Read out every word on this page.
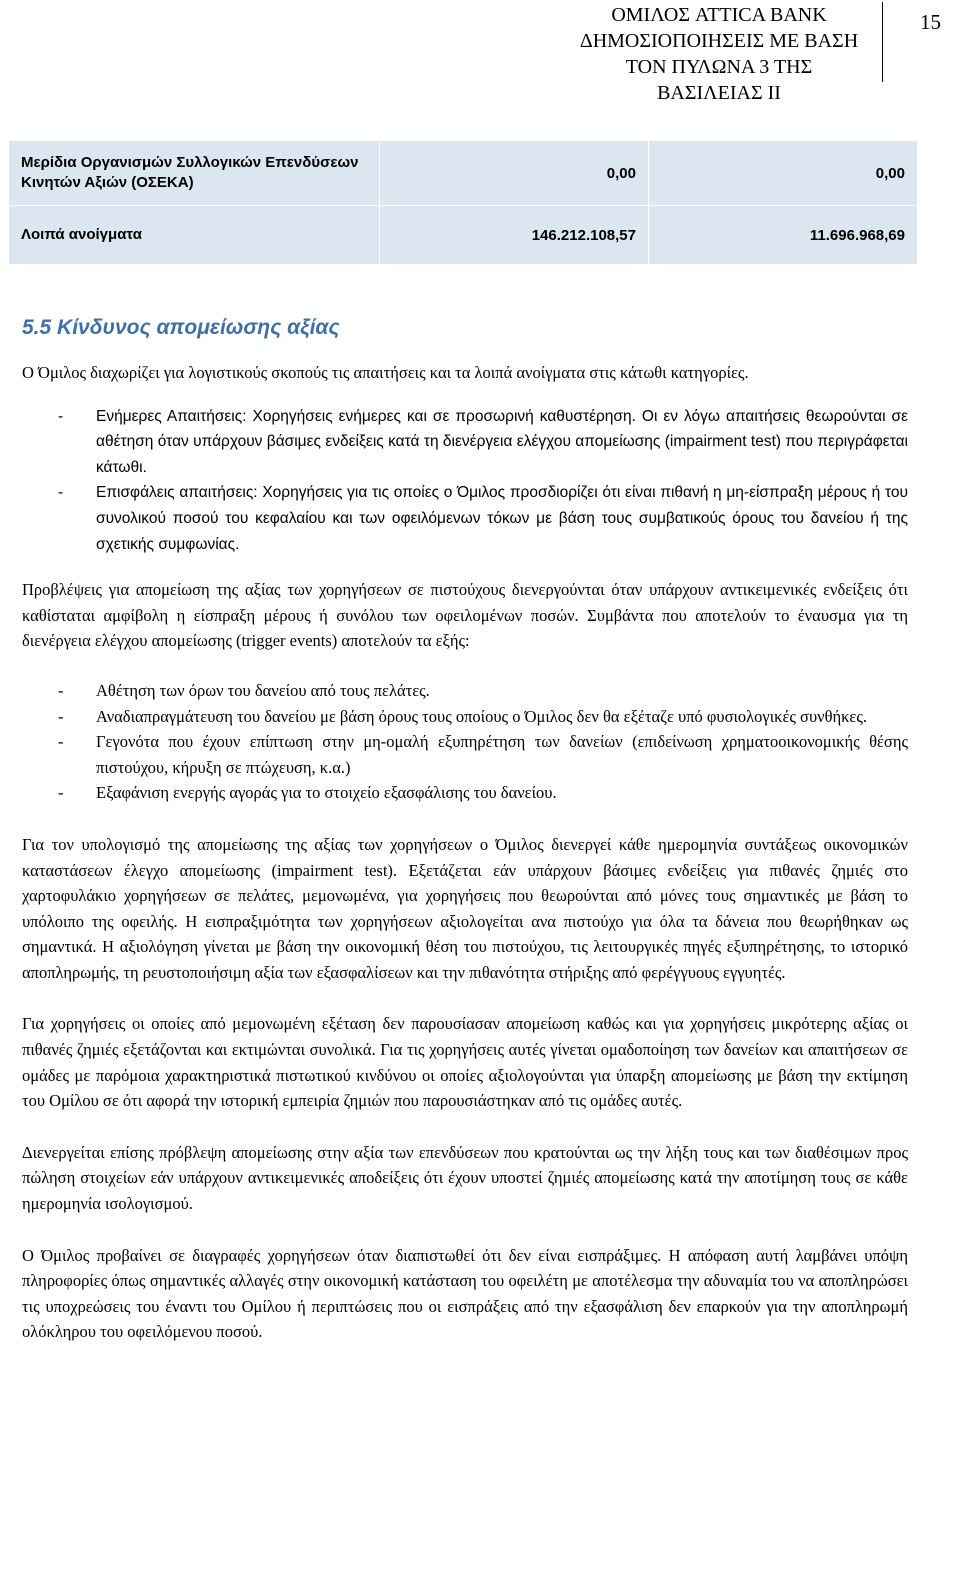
ΟΜΙΛΟΣ ATTICA BANK
ΔΗΜΟΣΙΟΠΟΙΗΣΕΙΣ ΜΕ ΒΑΣΗ ΤΟΝ ΠΥΛΩΝΑ 3 ΤΗΣ
ΒΑΣΙΛΕΙΑΣ ΙΙ
15
Μερίδια Οργανισμών Συλλογικών Επενδύσεων Κινητών Αξιών (ΟΣΕΚΑ)	0,00	0,00
Λοιπά ανοίγματα	146.212.108,57	11.696.968,69
5.5 Κίνδυνος απομείωσης αξίας

Ο Όμιλος διαχωρίζει για λογιστικούς σκοπούς τις απαιτήσεις και τα λοιπά ανοίγματα στις κάτωθι κατηγορίες.

- Ενήμερες Απαιτήσεις: Χορηγήσεις ενήμερες και σε προσωρινή καθυστέρηση. Οι εν λόγω απαιτήσεις θεωρούνται σε αθέτηση όταν υπάρχουν βάσιμες ενδείξεις κατά τη διενέργεια ελέγχου απομείωσης (impairment test) που περιγράφεται κάτωθι.
- Επισφάλεις απαιτήσεις: Χορηγήσεις για τις οποίες ο Όμιλος προσδιορίζει ότι είναι πιθανή η μη-είσπραξη μέρους ή του συνολικού ποσού του κεφαλαίου και των οφειλόμενων τόκων με βάση τους συμβατικούς όρους του δανείου ή της σχετικής συμφωνίας.

Προβλέψεις για απομείωση της αξίας των χορηγήσεων σε πιστούχους διενεργούνται όταν υπάρχουν αντικειμενικές ενδείξεις ότι καθίσταται αμφίβολη η είσπραξη μέρους ή συνόλου των οφειλομένων ποσών. Συμβάντα που αποτελούν το έναυσμα για τη διενέργεια ελέγχου απομείωσης (trigger events) αποτελούν τα εξής:

- Αθέτηση των όρων του δανείου από τους πελάτες.
- Αναδιαπραγμάτευση του δανείου με βάση όρους τους οποίους ο Όμιλος δεν θα εξέταζε υπό φυσιολογικές συνθήκες.
- Γεγονότα που έχουν επίπτωση στην μη-ομαλή εξυπηρέτηση των δανείων (επιδείνωση χρηματοοικονομικής θέσης πιστούχου, κήρυξη σε πτώχευση, κ.α.)
- Εξαφάνιση ενεργής αγοράς για το στοιχείο εξασφάλισης του δανείου.

Για τον υπολογισμό της απομείωσης της αξίας των χορηγήσεων ο Όμιλος διενεργεί κάθε ημερομηνία συντάξεως οικονομικών καταστάσεων έλεγχο απομείωσης (impairment test). Εξετάζεται εάν υπάρχουν βάσιμες ενδείξεις για πιθανές ζημιές στο χαρτοφυλάκιο χορηγήσεων σε πελάτες, μεμονωμένα, για χορηγήσεις που θεωρούνται από μόνες τους σημαντικές με βάση το υπόλοιπο της οφειλής. Η εισπραξιμότητα των χορηγήσεων αξιολογείται ανα πιστούχο για όλα τα δάνεια που θεωρήθηκαν ως σημαντικά. Η αξιολόγηση γίνεται με βάση την οικονομική θέση του πιστούχου, τις λειτουργικές πηγές εξυπηρέτησης, το ιστορικό αποπληρωμής, τη ρευστοποιήσιμη αξία των εξασφαλίσεων και την πιθανότητα στήριξης από φερέγγυους εγγυητές.

Για χορηγήσεις οι οποίες από μεμονωμένη εξέταση δεν παρουσίασαν απομείωση καθώς και για χορηγήσεις μικρότερης αξίας οι πιθανές ζημιές εξετάζονται και εκτιμώνται συνολικά. Για τις χορηγήσεις αυτές γίνεται ομαδοποίηση των δανείων και απαιτήσεων σε ομάδες με παρόμοια χαρακτηριστικά πιστωτικού κινδύνου οι οποίες αξιολογούνται για ύπαρξη απομείωσης με βάση την εκτίμηση του Ομίλου σε ότι αφορά την ιστορική εμπειρία ζημιών που παρουσιάστηκαν από τις ομάδες αυτές.

Διενεργείται επίσης πρόβλεψη απομείωσης στην αξία των επενδύσεων που κρατούνται ως την λήξη τους και των διαθέσιμων προς πώληση στοιχείων εάν υπάρχουν αντικειμενικές αποδείξεις ότι έχουν υποστεί ζημιές απομείωσης κατά την αποτίμηση τους σε κάθε ημερομηνία ισολογισμού.

Ο Όμιλος προβαίνει σε διαγραφές χορηγήσεων όταν διαπιστωθεί ότι δεν είναι εισπράξιμες. Η απόφαση αυτή λαμβάνει υπόψη πληροφορίες όπως σημαντικές αλλαγές στην οικονομική κατάσταση του οφειλέτη με αποτέλεσμα την αδυναμία του να αποπληρώσει τις υποχρεώσεις του έναντι του Ομίλου ή περιπτώσεις που οι εισπράξεις από την εξασφάλιση δεν επαρκούν για την αποπληρωμή ολόκληρου του οφειλόμενου ποσού.
